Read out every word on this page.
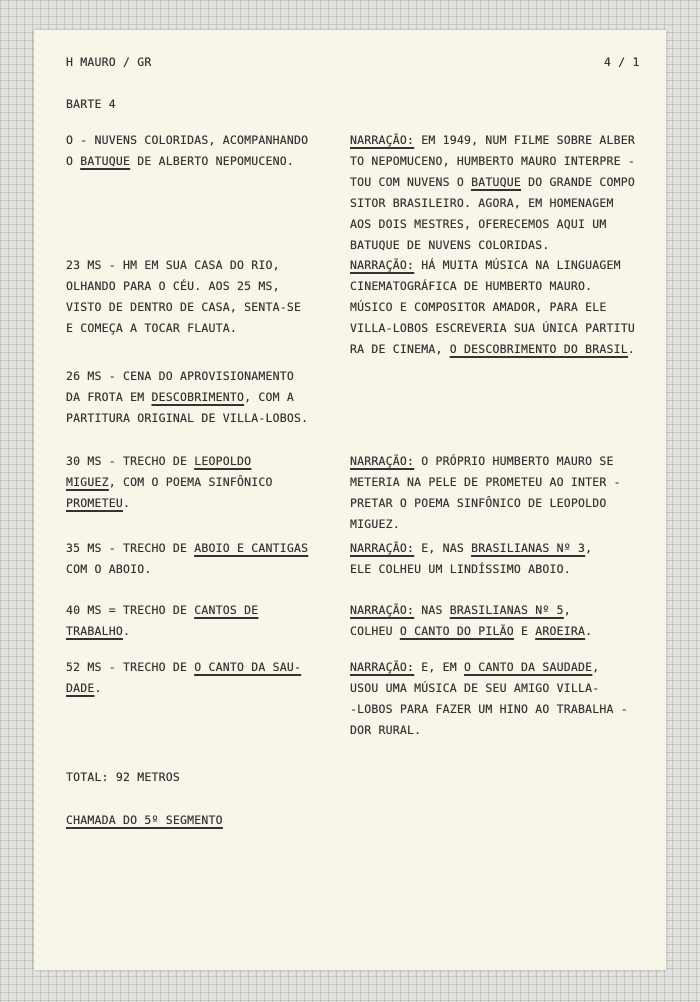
H MAURO / GR	4 / 1
BARTE 4
O - NUVENS COLORIDAS, ACOMPANHANDO
O BATUQUE DE ALBERTO NEPOMUCENO.
NARRAÇÃO: EM 1949, NUM FILME SOBRE ALBER
TO NEPOMUCENO, HUMBERTO MAURO INTERPRE -
TOU COM NUVENS O BATUQUE DO GRANDE COMPO
SITOR BRASILEIRO. AGORA, EM HOMENAGEM
AOS DOIS MESTRES, OFERECEMOS AQUI UM
BATUQUE DE NUVENS COLORIDAS.
23 MS - HM EM SUA CASA DO RIO,
OLHANDO PARA O CÉU. AOS 25 MS,
VISTO DE DENTRO DE CASA, SENTA-SE
E COMEÇA A TOCAR FLAUTA.
NARRAÇÃO: HÁ MUITA MÚSICA NA LINGUAGEM
CINEMATOGRÁFICA DE HUMBERTO MAURO.
MÚSICO E COMPOSITOR AMADOR, PARA ELE
VILLA-LOBOS ESCREVERIA SUA ÚNICA PARTITU
RA DE CINEMA, O DESCOBRIMENTO DO BRASIL.
26 MS - CENA DO APROVISIONAMENTO
DA FROTA EM DESCOBRIMENTO, COM A
PARTITURA ORIGINAL DE VILLA-LOBOS.
30 MS - TRECHO DE LEOPOLDO
MIGUEZ, COM O POEMA SINFÔNICO
PROMETEU.
NARRAÇÃO: O PRÓPRIO HUMBERTO MAURO SE
METERIA NA PELE DE PROMETEU AO INTER -
PRETAR O POEMA SINFÔNICO DE LEOPOLDO
MIGUEZ.
35 MS - TRECHO DE ABOIO E CANTIGAS
COM O ABOIO.
NARRAÇÃO: E, NAS BRASILIANAS Nº 3,
ELE COLHEU UM LINDÍSSIMO ABOIO.
40 MS = TRECHO DE CANTOS DE
TRABALHO.
NARRAÇÃO: NAS BRASILIANAS Nº 5,
COLHEU O CANTO DO PILÃO E AROEIRA.
52 MS - TRECHO DE O CANTO DA SAU-
DADE.
NARRAÇÃO: E, EM O CANTO DA SAUDADE,
USOU UMA MÚSICA DE SEU AMIGO VILLA-
-LOBOS PARA FAZER UM HINO AO TRABALHA -
DOR RURAL.
TOTAL: 92 METROS
CHAMADA DO 5º SEGMENTO
